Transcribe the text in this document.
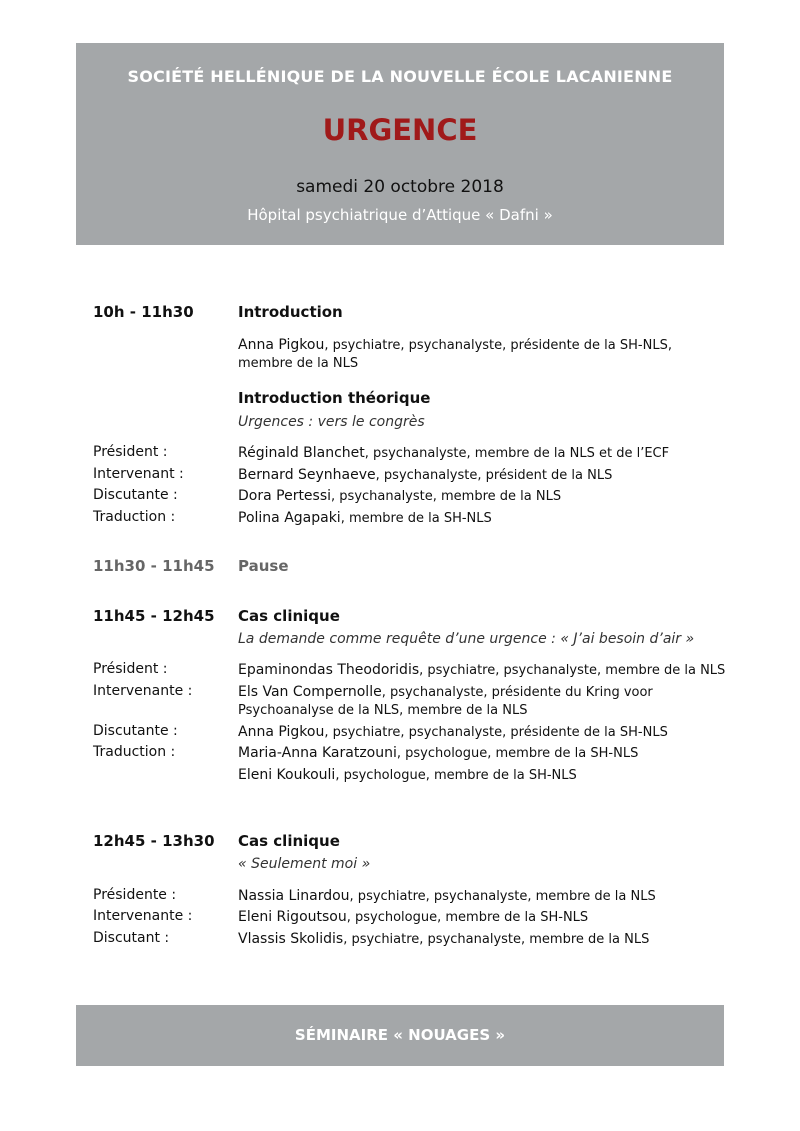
SOCIÉTÉ HELLÉNIQUE DE LA NOUVELLE ÉCOLE LACANIENNE
URGENCE
samedi 20 octobre 2018
Hôpital psychiatrique d’Attique « Dafni »
10h - 11h30	Introduction
Anna Pigkou, psychiatre, psychanalyste, présidente de la SH-NLS, membre de la NLS
Introduction théorique
Urgences : vers le congrès
Président :	Réginald Blanchet, psychanalyste, membre de la NLS et de l’ECF
Intervenant :	Bernard Seynhaeve, psychanalyste, président de la NLS
Discutante :	Dora Pertessi, psychanalyste, membre de la NLS
Traduction :	Polina Agapaki, membre de la SH-NLS
11h30 - 11h45 Pause
11h45 - 12h45 Cas clinique
La demande comme requête d’une urgence : « J’ai besoin d’air »
Président :	Epaminondas Theodoridis, psychiatre, psychanalyste, membre de la NLS
Intervenante :	Els Van Compernolle, psychanalyste, présidente du Kring voor Psychoanalyse de la NLS, membre de la NLS
Discutante :	Anna Pigkou, psychiatre, psychanalyste, présidente de la SH-NLS
Traduction :	Maria-Anna Karatzouni, psychologue, membre de la SH-NLS
Eleni Koukouli, psychologue, membre de la SH-NLS
12h45 - 13h30 Cas clinique
« Seulement moi »
Présidente :	Nassia Linardou, psychiatre, psychanalyste, membre de la NLS
Intervenante :	Eleni Rigoutsou, psychologue, membre de la SH-NLS
Discutant :	Vlassis Skolidis, psychiatre, psychanalyste, membre de la NLS
SÉMINAIRE « NOUAGES »
